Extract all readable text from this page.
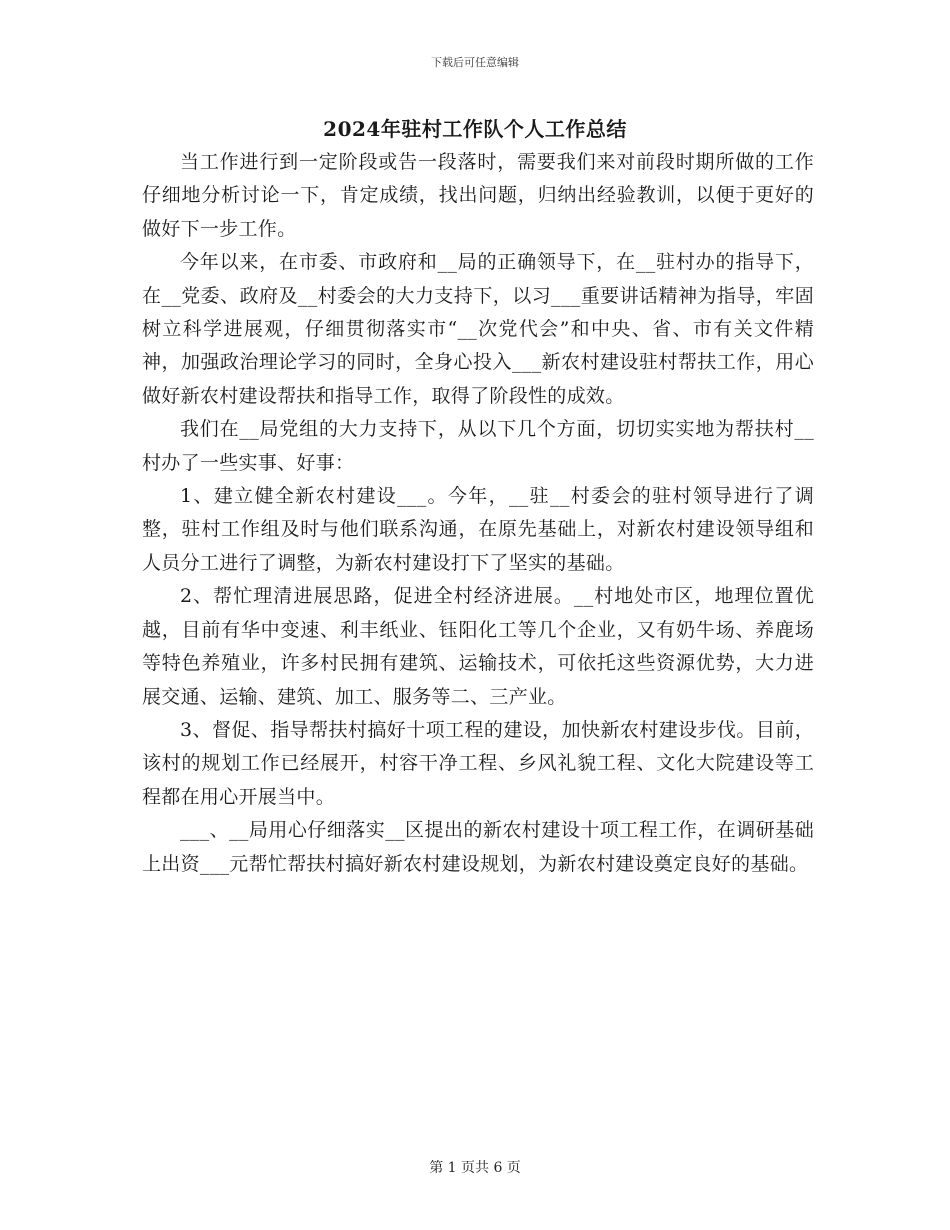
下载后可任意编辑
2024年驻村工作队个人工作总结

当工作进行到一定阶段或告一段落时，需要我们来对前段时期所做的工作仔细地分析讨论一下，肯定成绩，找出问题，归纳出经验教训，以便于更好的做好下一步工作。

今年以来，在市委、市政府和__局的正确领导下，在__驻村办的指导下，在__党委、政府及__村委会的大力支持下，以习___重要讲话精神为指导，牢固树立科学进展观，仔细贯彻落实市“__次党代会”和中央、省、市有关文件精神，加强政治理论学习的同时，全身心投入___新农村建设驻村帮扶工作，用心做好新农村建设帮扶和指导工作，取得了阶段性的成效。

我们在__局党组的大力支持下，从以下几个方面，切切实实地为帮扶村__村办了一些实事、好事：

1、建立健全新农村建设___。今年，__驻__村委会的驻村领导进行了调整，驻村工作组及时与他们联系沟通，在原先基础上，对新农村建设领导组和人员分工进行了调整，为新农村建设打下了坚实的基础。

2、帮忙理清进展思路，促进全村经济进展。__村地处市区，地理位置优越，目前有华中变速、利丰纸业、钰阳化工等几个企业，又有奶牛场、养鹿场等特色养殖业，许多村民拥有建筑、运输技术，可依托这些资源优势，大力进展交通、运输、建筑、加工、服务等二、三产业。

3、督促、指导帮扶村搞好十项工程的建设，加快新农村建设步伐。目前，该村的规划工作已经展开，村容干净工程、乡风礼貌工程、文化大院建设等工程都在用心开展当中。

___、__局用心仔细落实__区提出的新农村建设十项工程工作，在调研基础上出资___元帮忙帮扶村搞好新农村建设规划，为新农村建设奠定良好的基础。

第 1 页共 6 页
